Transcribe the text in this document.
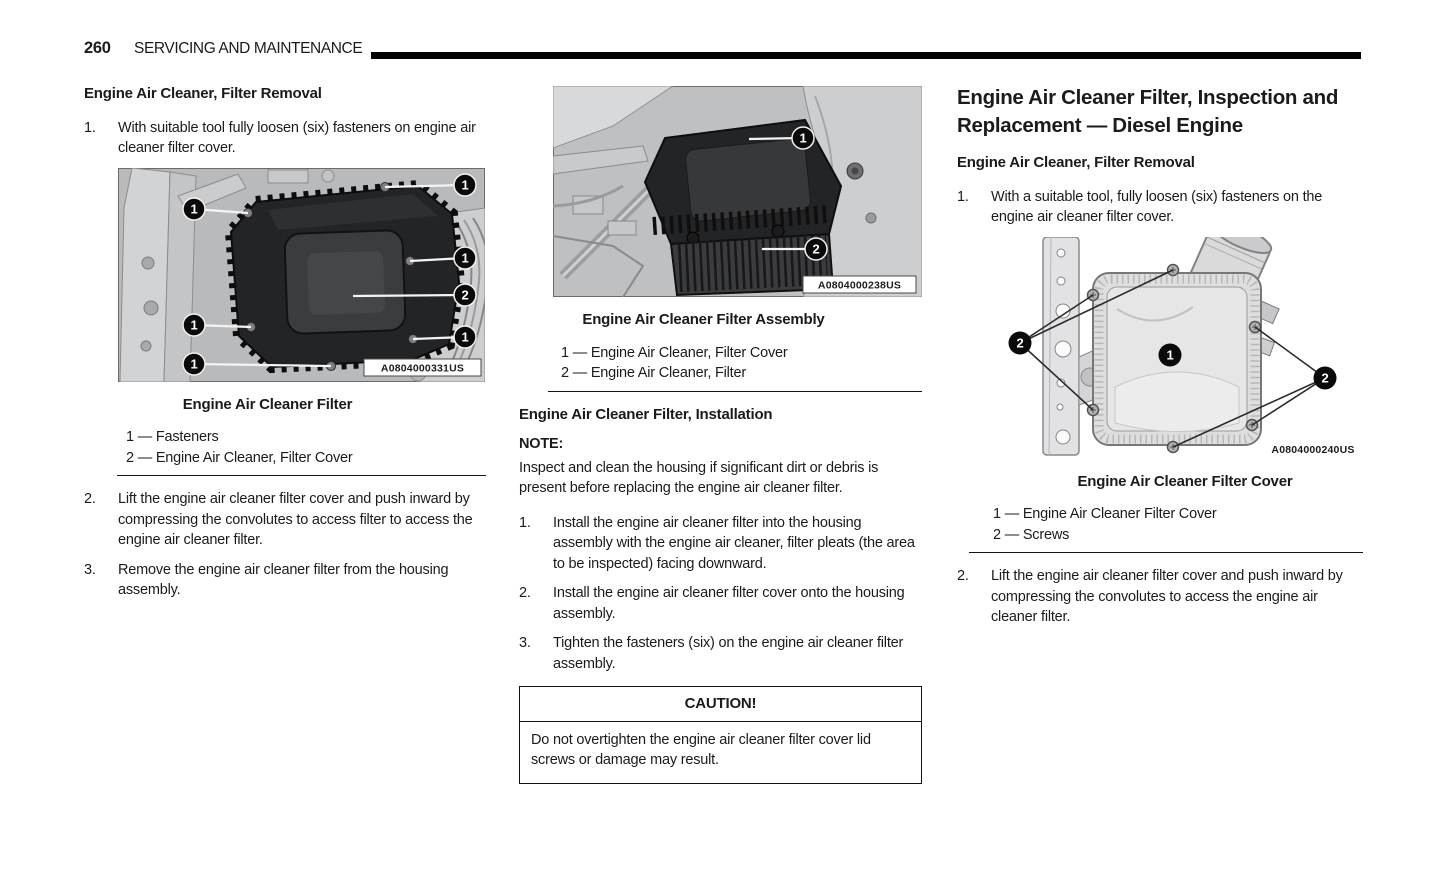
260 SERVICING AND MAINTENANCE
Engine Air Cleaner, Filter Removal
1.	With suitable tool fully loosen (six) fasteners on engine air cleaner filter cover.
1
1
1
2
1
1
1	A0804000331US
Engine Air Cleaner Filter
1 — Fasteners
2 — Engine Air Cleaner, Filter Cover
2.	Lift the engine air cleaner filter cover and push inward by compressing the convolutes to access filter to access the engine air cleaner filter.
3.	Remove the engine air cleaner filter from the housing assembly.
1
2
A0804000238US
Engine Air Cleaner Filter Assembly
1 — Engine Air Cleaner, Filter Cover
2 — Engine Air Cleaner, Filter
Engine Air Cleaner Filter, Installation
NOTE:
Inspect and clean the housing if significant dirt or debris is present before replacing the engine air cleaner filter.
1.	Install the engine air cleaner filter into the housing assembly with the engine air cleaner, filter pleats (the area to be inspected) facing downward.
2.	Install the engine air cleaner filter cover onto the housing assembly.
3.	Tighten the fasteners (six) on the engine air cleaner filter assembly.
CAUTION!
Do not overtighten the engine air cleaner filter cover lid screws or damage may result.
Engine Air Cleaner Filter, Inspection and Replacement — Diesel Engine
Engine Air Cleaner, Filter Removal
1.	With a suitable tool, fully loosen (six) fasteners on the engine air cleaner filter cover.
2
1
2
A0804000240US
Engine Air Cleaner Filter Cover
1 — Engine Air Cleaner Filter Cover
2 — Screws
2.	Lift the engine air cleaner filter cover and push inward by compressing the convolutes to access the engine air cleaner filter.
